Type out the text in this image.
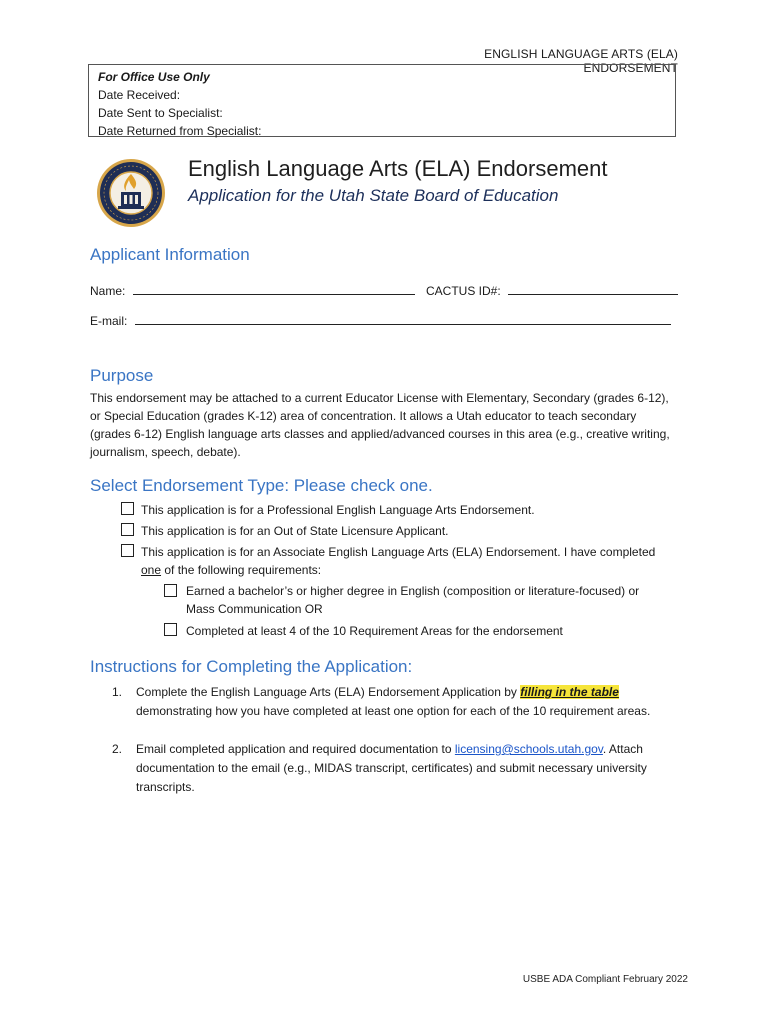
ENGLISH LANGUAGE ARTS (ELA) ENDORSEMENT
For Office Use Only
Date Received:
Date Sent to Specialist:
Date Returned from Specialist:
English Language Arts (ELA) Endorsement
Application for the Utah State Board of Education
Applicant Information
Name:	CACTUS ID#:
E-mail:
Purpose
This endorsement may be attached to a current Educator License with Elementary, Secondary (grades 6-12), or Special Education (grades K-12) area of concentration. It allows a Utah educator to teach secondary (grades 6-12) English language arts classes and applied/advanced courses in this area (e.g., creative writing, journalism, speech, debate).
Select Endorsement Type: Please check one.
This application is for a Professional English Language Arts Endorsement.
This application is for an Out of State Licensure Applicant.
This application is for an Associate English Language Arts (ELA) Endorsement. I have completed
one of the following requirements:
Earned a bachelor’s or higher degree in English (composition or literature-focused) or
Mass Communication OR
Completed at least 4 of the 10 Requirement Areas for the endorsement
Instructions for Completing the Application:
1. Complete the English Language Arts (ELA) Endorsement Application by filling in the table demonstrating how you have completed at least one option for each of the 10 requirement areas.
2. Email completed application and required documentation to licensing@schools.utah.gov. Attach documentation to the email (e.g., MIDAS transcript, certificates) and submit necessary university transcripts.
USBE ADA Compliant February 2022
